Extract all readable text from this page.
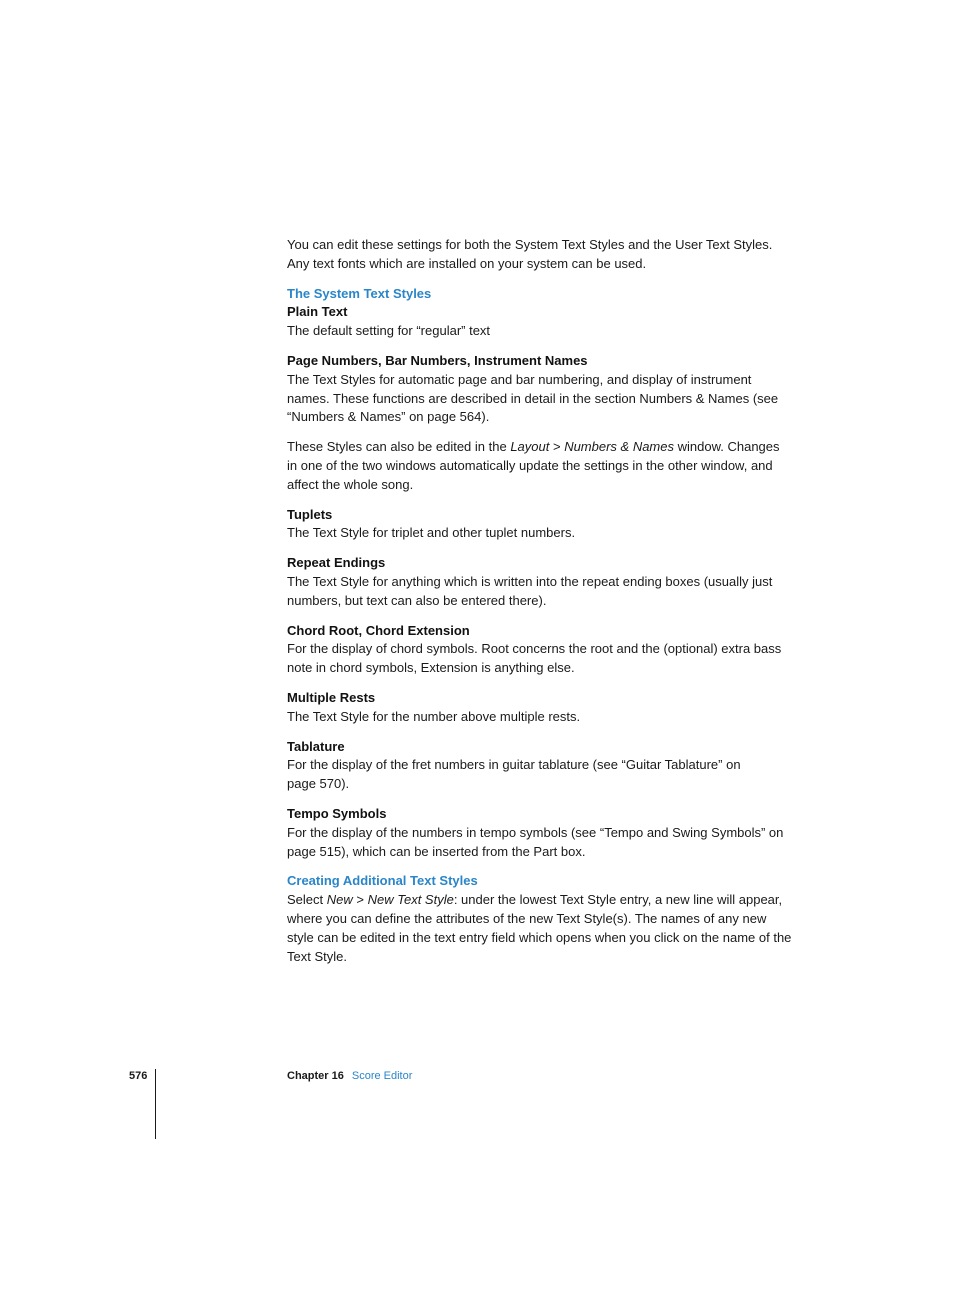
You can edit these settings for both the System Text Styles and the User Text Styles.
Any text fonts which are installed on your system can be used.

The System Text Styles

Plain Text

The default setting for “regular” text

Page Numbers, Bar Numbers, Instrument Names

The Text Styles for automatic page and bar numbering, and display of instrument names. These functions are described in detail in the section Numbers & Names (see “Numbers & Names” on page 564).

These Styles can also be edited in the Layout > Numbers & Names window. Changes in one of the two windows automatically update the settings in the other window, and affect the whole song.

Tuplets

The Text Style for triplet and other tuplet numbers.

Repeat Endings

The Text Style for anything which is written into the repeat ending boxes (usually just numbers, but text can also be entered there).

Chord Root, Chord Extension

For the display of chord symbols. Root concerns the root and the (optional) extra bass note in chord symbols, Extension is anything else.

Multiple Rests

The Text Style for the number above multiple rests.

Tablature

For the display of the fret numbers in guitar tablature (see “Guitar Tablature” on
page 570).

Tempo Symbols

For the display of the numbers in tempo symbols (see “Tempo and Swing Symbols” on page 515), which can be inserted from the Part box.

Creating Additional Text Styles

Select New > New Text Style: under the lowest Text Style entry, a new line will appear, where you can define the attributes of the new Text Style(s). The names of any new style can be edited in the text entry field which opens when you click on the name of the Text Style.

576	Chapter 16 Score Editor
